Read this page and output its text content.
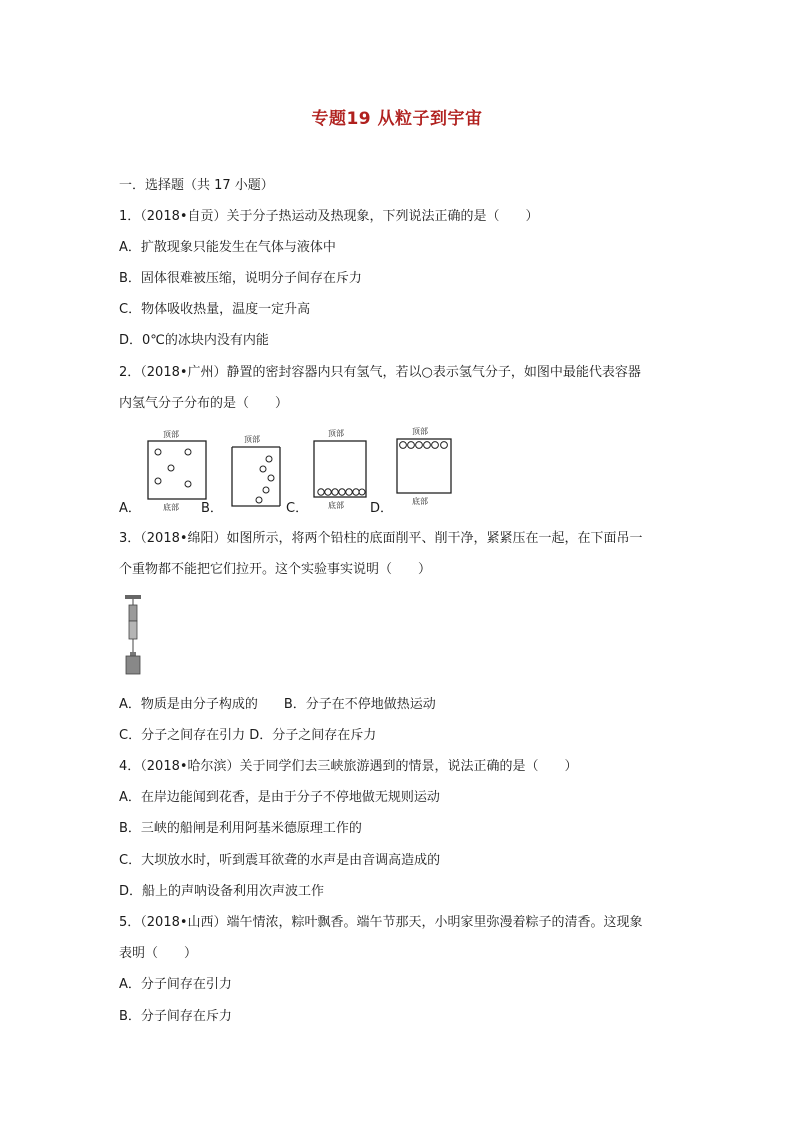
专题19 从粒子到宇宙
一．选择题（共 17 小题）
1．（2018•自贡）关于分子热运动及热现象，下列说法正确的是（　　）
A．扩散现象只能发生在气体与液体中
B．固体很难被压缩，说明分子间存在斥力
C．物体吸收热量，温度一定升高
D．0℃的冰块内没有内能
2．（2018•广州）静置的密封容器内只有氢气，若以○表示氢气分子，如图中最能代表容器
内氢气分子分布的是（　　）
A．	B．	C．	D．
顶部
底部
顶部
顶部
底部
顶部
底部
3．（2018•绵阳）如图所示，将两个铅柱的底面削平、削干净，紧紧压在一起，在下面吊一
个重物都不能把它们拉开。这个实验事实说明（　　）
A．物质是由分子构成的　　B．分子在不停地做热运动
C．分子之间存在引力 D．分子之间存在斥力
4．（2018•哈尔滨）关于同学们去三峡旅游遇到的情景，说法正确的是（　　）
A．在岸边能闻到花香，是由于分子不停地做无规则运动
B．三峡的船闸是利用阿基米德原理工作的
C．大坝放水时，听到震耳欲聋的水声是由音调高造成的
D．船上的声呐设备利用次声波工作
5．（2018•山西）端午情浓，粽叶飘香。端午节那天，小明家里弥漫着粽子的清香。这现象
表明（　　）
A．分子间存在引力
B．分子间存在斥力
